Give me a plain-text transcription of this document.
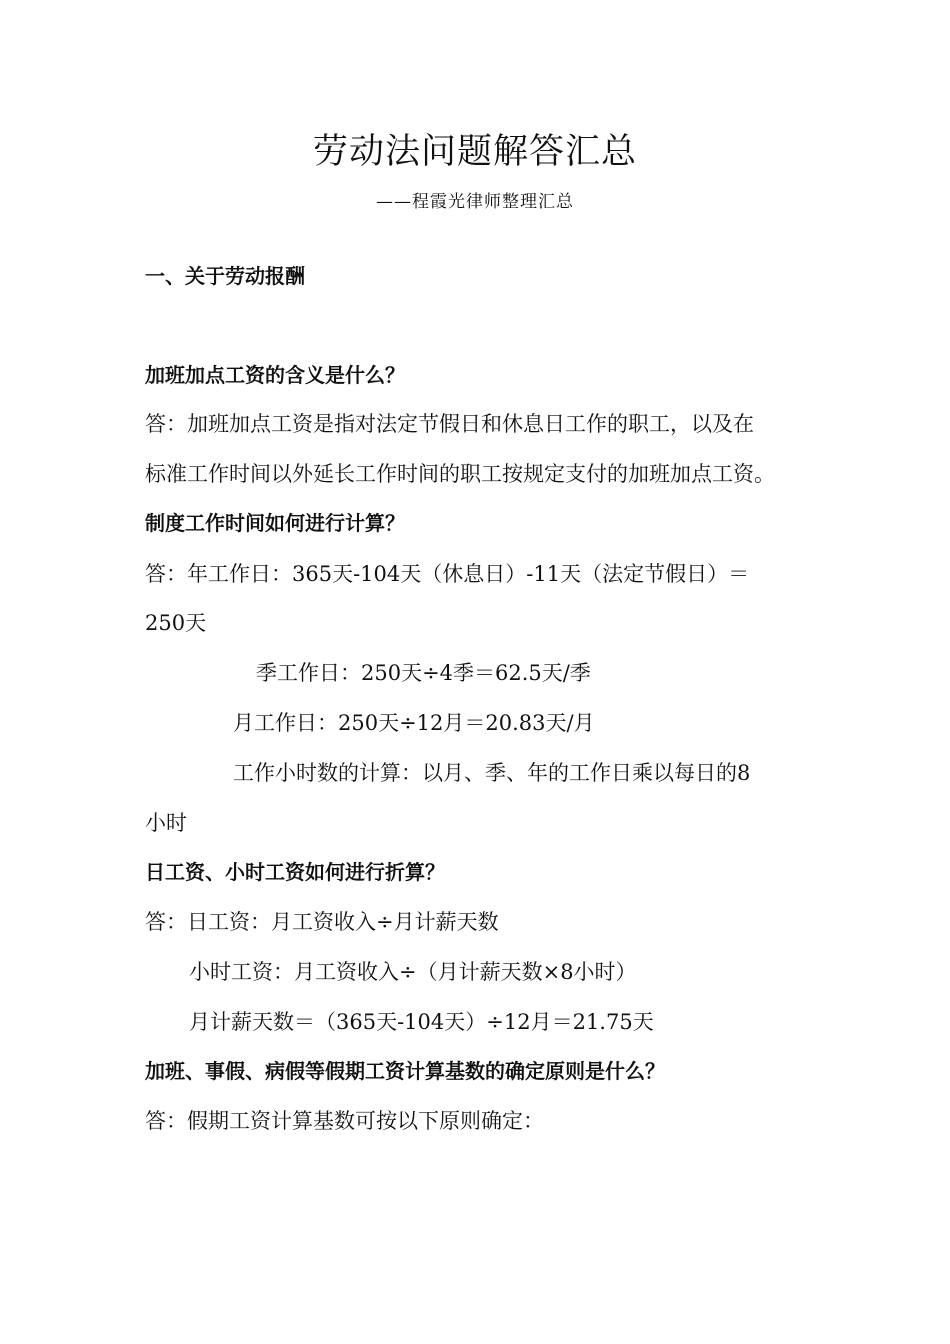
劳动法问题解答汇总
——程霞光律师整理汇总
一、关于劳动报酬
加班加点工资的含义是什么？
答：加班加点工资是指对法定节假日和休息日工作的职工，以及在
标准工作时间以外延长工作时间的职工按规定支付的加班加点工资。
制度工作时间如何进行计算？
答：年工作日：365天-104天（休息日）-11天（法定节假日）＝
250天
季工作日：250天÷4季＝62.5天/季
月工作日：250天÷12月＝20.83天/月
工作小时数的计算：以月、季、年的工作日乘以每日的8
小时
日工资、小时工资如何进行折算？
答：日工资：月工资收入÷月计薪天数
小时工资：月工资收入÷（月计薪天数×8小时）
月计薪天数＝（365天-104天）÷12月＝21.75天
加班、事假、病假等假期工资计算基数的确定原则是什么？
答：假期工资计算基数可按以下原则确定：
